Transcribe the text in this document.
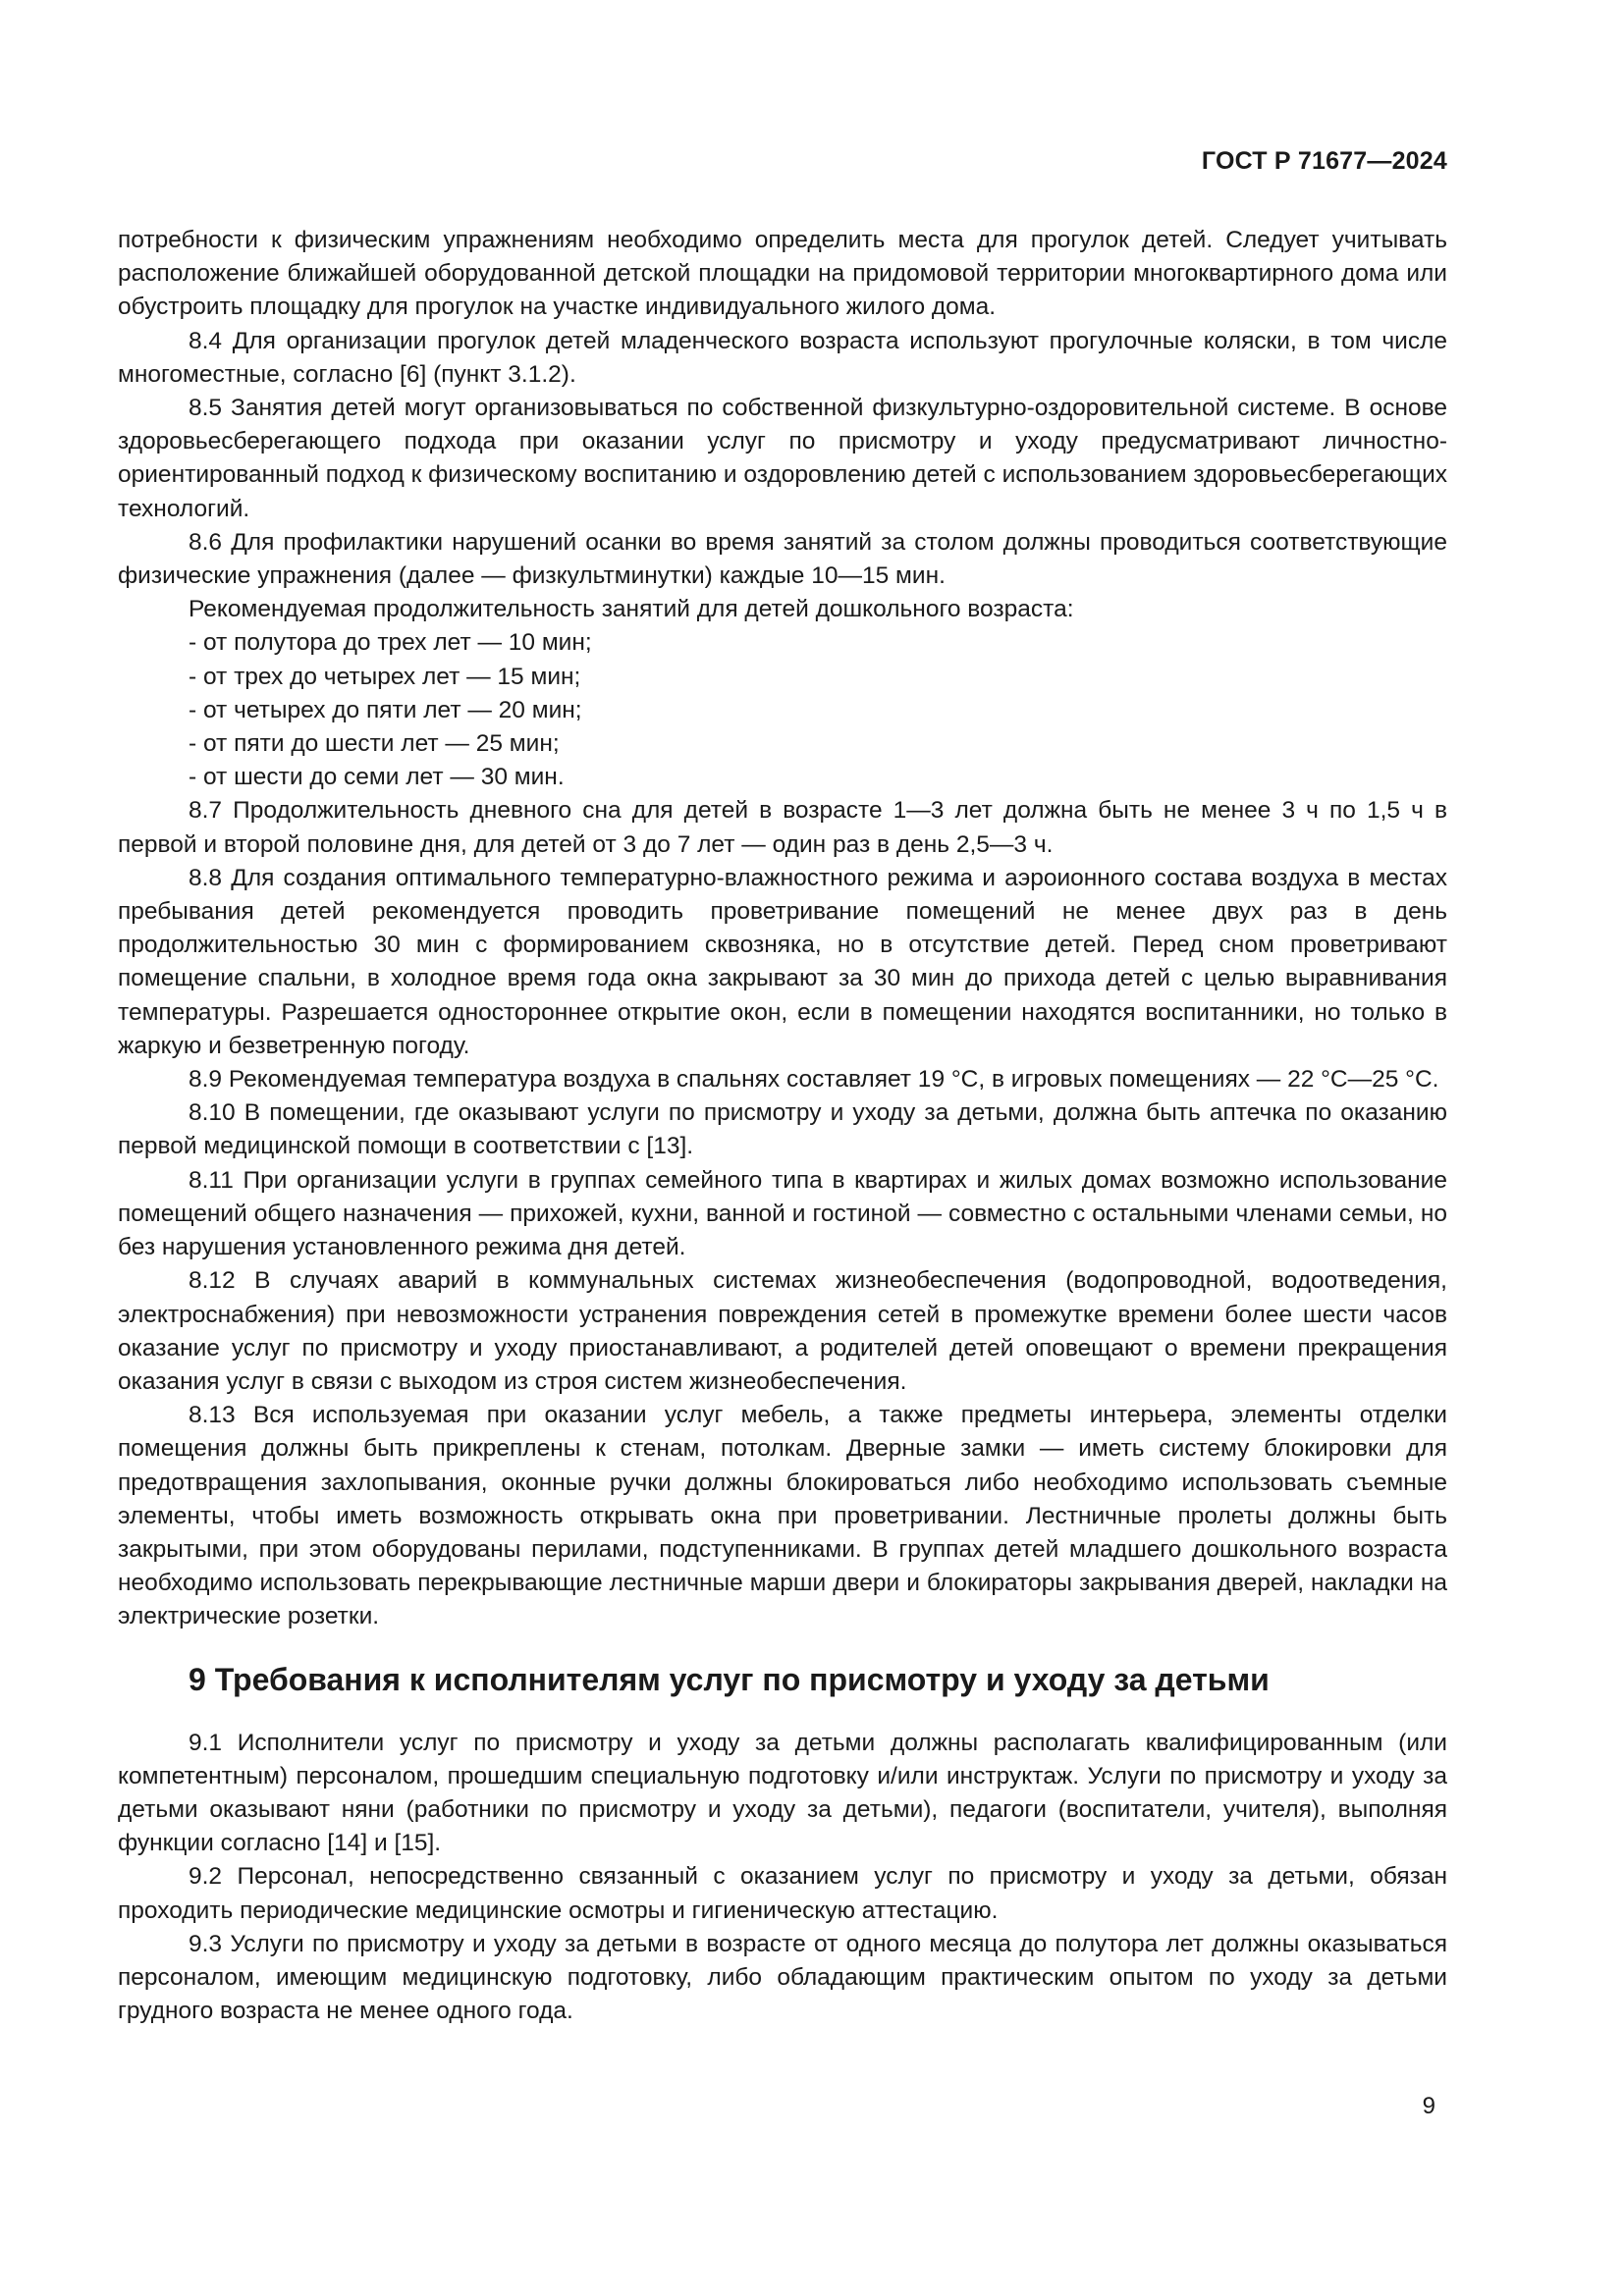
ГОСТ Р 71677—2024

потребности к физическим упражнениям необходимо определить места для прогулок детей. Следует учитывать расположение ближайшей оборудованной детской площадки на придомовой территории многоквартирного дома или обустроить площадку для прогулок на участке индивидуального жилого дома.

8.4 Для организации прогулок детей младенческого возраста используют прогулочные коляски, в том числе многоместные, согласно [6] (пункт 3.1.2).

8.5 Занятия детей могут организовываться по собственной физкультурно-оздоровительной системе. В основе здоровьесберегающего подхода при оказании услуг по присмотру и уходу предусматривают личностно-ориентированный подход к физическому воспитанию и оздоровлению детей с использованием здоровьесберегающих технологий.

8.6 Для профилактики нарушений осанки во время занятий за столом должны проводиться соответствующие физические упражнения (далее — физкультминутки) каждые 10—15 мин.

Рекомендуемая продолжительность занятий для детей дошкольного возраста:

- от полутора до трех лет — 10 мин;

- от трех до четырех лет — 15 мин;

- от четырех до пяти лет — 20 мин;

- от пяти до шести лет — 25 мин;

- от шести до семи лет — 30 мин.

8.7 Продолжительность дневного сна для детей в возрасте 1—3 лет должна быть не менее 3 ч по 1,5 ч в первой и второй половине дня, для детей от 3 до 7 лет — один раз в день 2,5—3 ч.

8.8 Для создания оптимального температурно-влажностного режима и аэроионного состава воздуха в местах пребывания детей рекомендуется проводить проветривание помещений не менее двух раз в день продолжительностью 30 мин с формированием сквозняка, но в отсутствие детей. Перед сном проветривают помещение спальни, в холодное время года окна закрывают за 30 мин до прихода детей с целью выравнивания температуры. Разрешается одностороннее открытие окон, если в помещении находятся воспитанники, но только в жаркую и безветренную погоду.

8.9 Рекомендуемая температура воздуха в спальнях составляет 19 °С, в игровых помещениях — 22 °С—25 °С.

8.10 В помещении, где оказывают услуги по присмотру и уходу за детьми, должна быть аптечка по оказанию первой медицинской помощи в соответствии с [13].

8.11 При организации услуги в группах семейного типа в квартирах и жилых домах возможно использование помещений общего назначения — прихожей, кухни, ванной и гостиной — совместно с остальными членами семьи, но без нарушения установленного режима дня детей.

8.12 В случаях аварий в коммунальных системах жизнеобеспечения (водопроводной, водоотведения, электроснабжения) при невозможности устранения повреждения сетей в промежутке времени более шести часов оказание услуг по присмотру и уходу приостанавливают, а родителей детей оповещают о времени прекращения оказания услуг в связи с выходом из строя систем жизнеобеспечения.

8.13 Вся используемая при оказании услуг мебель, а также предметы интерьера, элементы отделки помещения должны быть прикреплены к стенам, потолкам. Дверные замки — иметь систему блокировки для предотвращения захлопывания, оконные ручки должны блокироваться либо необходимо использовать съемные элементы, чтобы иметь возможность открывать окна при проветривании. Лестничные пролеты должны быть закрытыми, при этом оборудованы перилами, подступенниками. В группах детей младшего дошкольного возраста необходимо использовать перекрывающие лестничные марши двери и блокираторы закрывания дверей, накладки на электрические розетки.

9 Требования к исполнителям услуг по присмотру и уходу за детьми

9.1 Исполнители услуг по присмотру и уходу за детьми должны располагать квалифицированным (или компетентным) персоналом, прошедшим специальную подготовку и/или инструктаж. Услуги по присмотру и уходу за детьми оказывают няни (работники по присмотру и уходу за детьми), педагоги (воспитатели, учителя), выполняя функции согласно [14] и [15].

9.2 Персонал, непосредственно связанный с оказанием услуг по присмотру и уходу за детьми, обязан проходить периодические медицинские осмотры и гигиеническую аттестацию.

9.3 Услуги по присмотру и уходу за детьми в возрасте от одного месяца до полутора лет должны оказываться персоналом, имеющим медицинскую подготовку, либо обладающим практическим опытом по уходу за детьми грудного возраста не менее одного года.

9
